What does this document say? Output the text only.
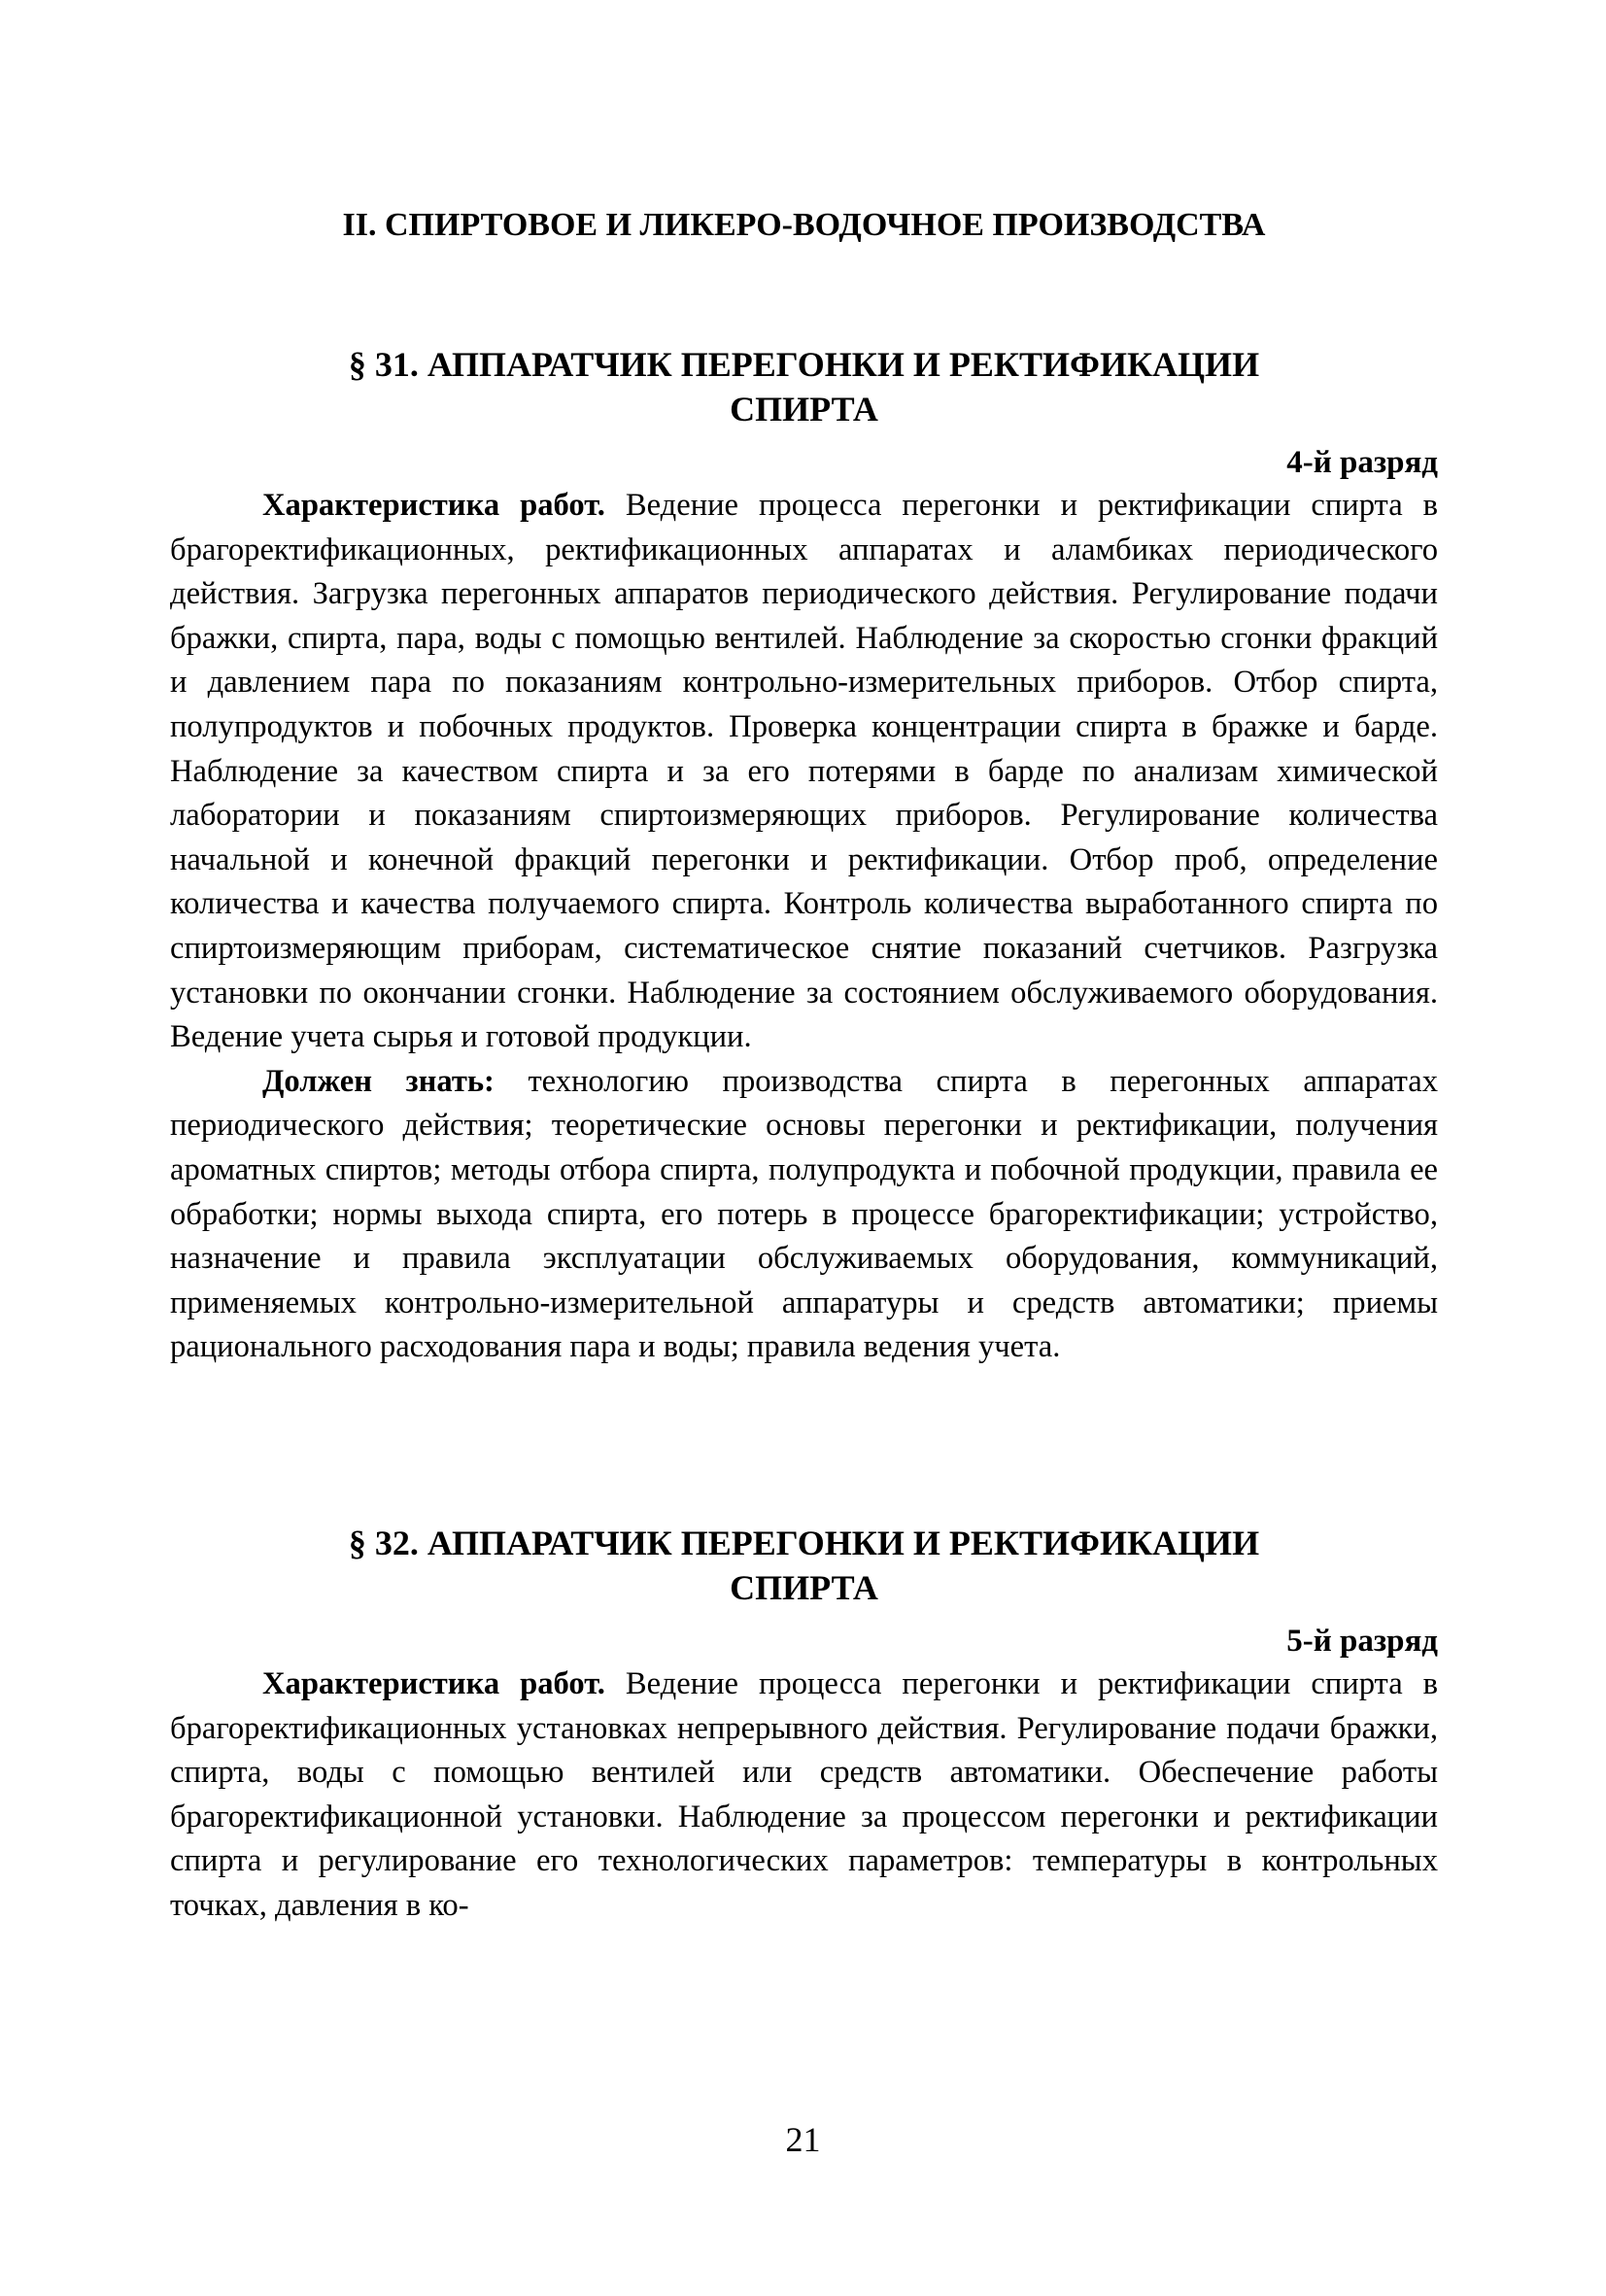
II. СПИРТОВОЕ И ЛИКЕРО-ВОДОЧНОЕ ПРОИЗВОДСТВА

§ 31. АППАРАТЧИК ПЕРЕГОНКИ И РЕКТИФИКАЦИИ
СПИРТА

4-й разряд

Характеристика работ. Ведение процесса перегонки и ректификации спирта в брагоректификационных, ректификационных аппаратах и аламбиках периодического действия. Загрузка перегонных аппаратов периодического действия. Регулирование подачи бражки, спирта, пара, воды с помощью вентилей. Наблюдение за скоростью сгонки фракций и давлением пара по показаниям контрольно-измерительных приборов. Отбор спирта, полупродуктов и побочных продуктов. Проверка концентрации спирта в бражке и барде. Наблюдение за качеством спирта и за его потерями в барде по анализам химической лаборатории и показаниям спиртоизмеряющих приборов. Регулирование количества начальной и конечной фракций перегонки и ректификации. Отбор проб, определение количества и качества получаемого спирта. Контроль количества выработанного спирта по спиртоизмеряющим приборам, систематическое снятие показаний счетчиков. Разгрузка установки по окончании сгонки. Наблюдение за состоянием обслуживаемого оборудования. Ведение учета сырья и готовой продукции.

Должен знать: технологию производства спирта в перегонных аппаратах периодического действия; теоретические основы перегонки и ректификации, получения ароматных спиртов; методы отбора спирта, полупродукта и побочной продукции, правила ее обработки; нормы выхода спирта, его потерь в процессе брагоректификации; устройство, назначение и правила эксплуатации обслуживаемых оборудования, коммуникаций, применяемых контрольно-измерительной аппаратуры и средств автоматики; приемы рационального расходования пара и воды; правила ведения учета.

§ 32. АППАРАТЧИК ПЕРЕГОНКИ И РЕКТИФИКАЦИИ
СПИРТА

5-й разряд

Характеристика работ. Ведение процесса перегонки и ректификации спирта в брагоректификационных установках непрерывного действия. Регулирование подачи бражки, спирта, воды с помощью вентилей или средств автоматики. Обеспечение работы брагоректификационной установки. Наблюдение за процессом перегонки и ректификации спирта и регулирование его технологических параметров: температуры в контрольных точках, давления в ко-

21
